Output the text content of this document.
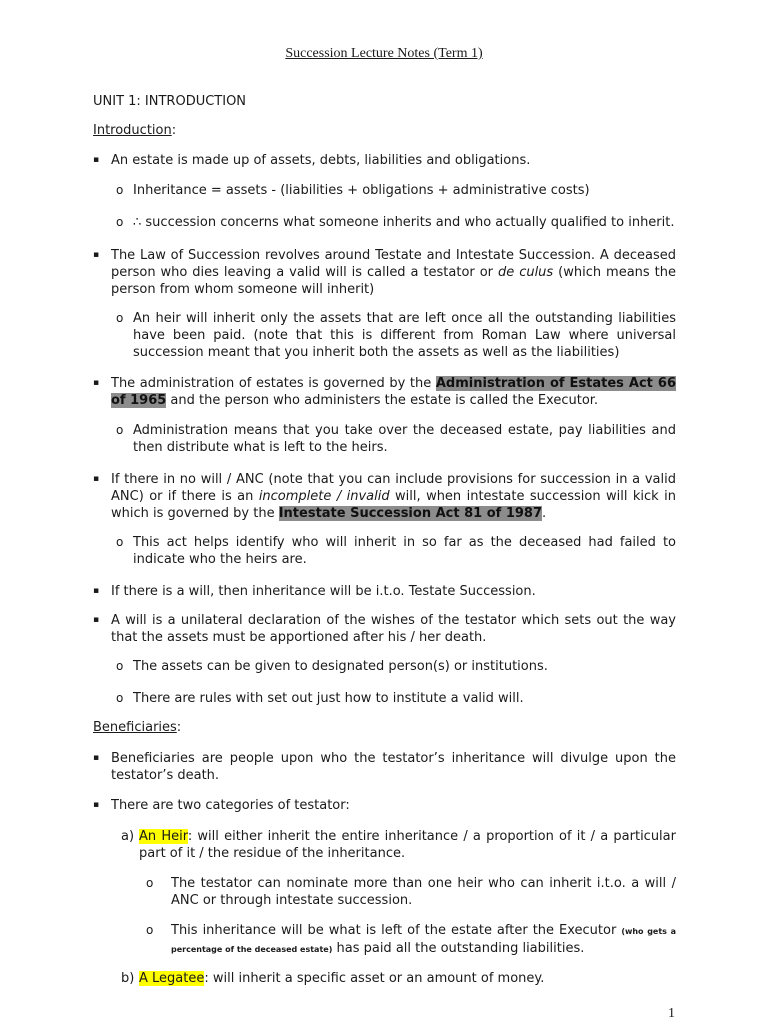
Succession Lecture Notes (Term 1)
UNIT 1: INTRODUCTION
Introduction:
▪ An estate is made up of assets, debts, liabilities and obligations.
o Inheritance = assets - (liabilities + obligations + administrative costs)
o ∴ succession concerns what someone inherits and who actually qualified to inherit.
▪ The Law of Succession revolves around Testate and Intestate Succession. A deceased person who dies leaving a valid will is called a testator or de culus (which means the person from whom someone will inherit)
o An heir will inherit only the assets that are left once all the outstanding liabilities have been paid. (note that this is different from Roman Law where universal succession meant that you inherit both the assets as well as the liabilities)
▪ The administration of estates is governed by the Administration of Estates Act 66 of 1965 and the person who administers the estate is called the Executor.
o Administration means that you take over the deceased estate, pay liabilities and then distribute what is left to the heirs.
▪ If there in no will / ANC (note that you can include provisions for succession in a valid ANC) or if there is an incomplete / invalid will, when intestate succession will kick in which is governed by the Intestate Succession Act 81 of 1987.
o This act helps identify who will inherit in so far as the deceased had failed to indicate who the heirs are.
▪ If there is a will, then inheritance will be i.t.o. Testate Succession.
▪ A will is a unilateral declaration of the wishes of the testator which sets out the way that the assets must be apportioned after his / her death.
o The assets can be given to designated person(s) or institutions.
o There are rules with set out just how to institute a valid will.
Beneficiaries:
▪ Beneficiaries are people upon who the testator’s inheritance will divulge upon the testator’s death.
▪ There are two categories of testator:
a) An Heir: will either inherit the entire inheritance / a proportion of it / a particular part of it / the residue of the inheritance.
o The testator can nominate more than one heir who can inherit i.t.o. a will / ANC or through intestate succession.
o This inheritance will be what is left of the estate after the Executor (who gets a percentage of the deceased estate) has paid all the outstanding liabilities.
b) A Legatee: will inherit a specific asset or an amount of money.
1
